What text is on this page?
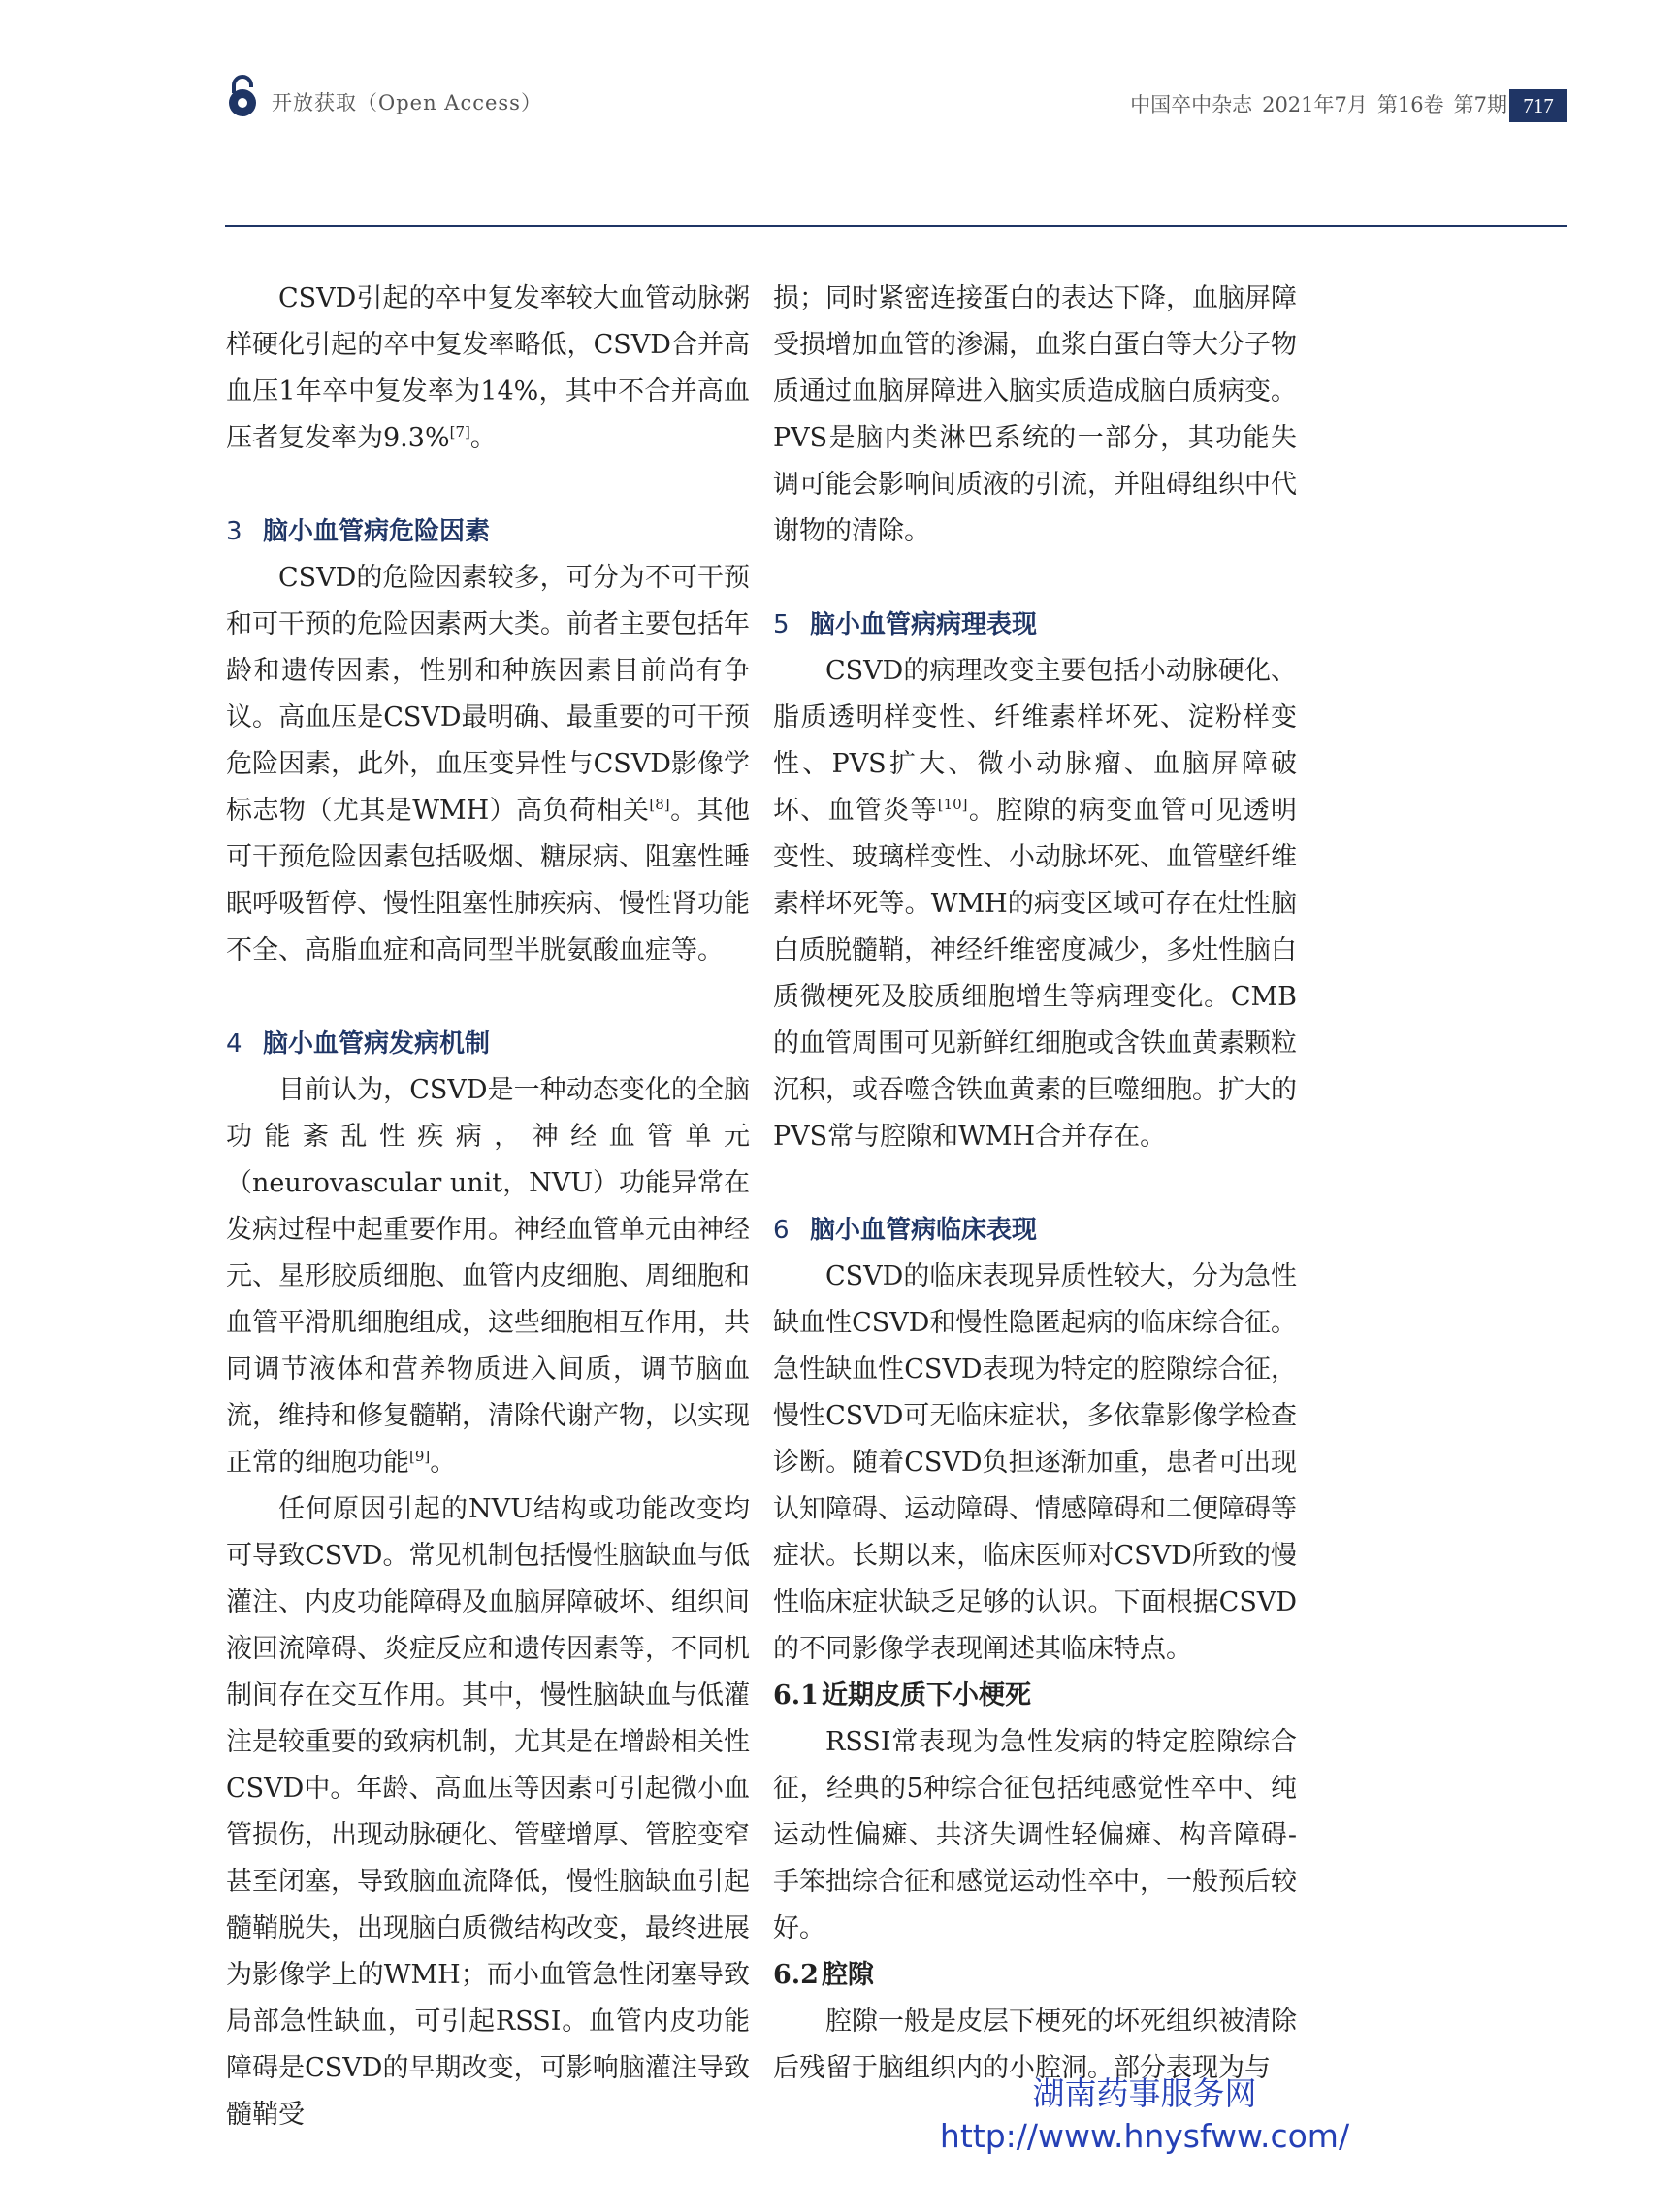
开放获取（Open Access）	中国卒中杂志 2021年7月 第16卷 第7期 717

CSVD引起的卒中复发率较大血管动脉粥样硬化引起的卒中复发率略低，CSVD合并高血压1年卒中复发率为14%，其中不合并高血压者复发率为9.3%[7]。

3 脑小血管病危险因素

CSVD的危险因素较多，可分为不可干预和可干预的危险因素两大类。前者主要包括年龄和遗传因素，性别和种族因素目前尚有争议。高血压是CSVD最明确、最重要的可干预危险因素，此外，血压变异性与CSVD影像学标志物（尤其是WMH）高负荷相关[8]。其他可干预危险因素包括吸烟、糖尿病、阻塞性睡眠呼吸暂停、慢性阻塞性肺疾病、慢性肾功能不全、高脂血症和高同型半胱氨酸血症等。

4 脑小血管病发病机制

目前认为，CSVD是一种动态变化的全脑功能紊乱性疾病，神经血管单元（neurovascular unit，NVU）功能异常在发病过程中起重要作用。神经血管单元由神经元、星形胶质细胞、血管内皮细胞、周细胞和血管平滑肌细胞组成，这些细胞相互作用，共同调节液体和营养物质进入间质，调节脑血流，维持和修复髓鞘，清除代谢产物，以实现正常的细胞功能[9]。

任何原因引起的NVU结构或功能改变均可导致CSVD。常见机制包括慢性脑缺血与低灌注、内皮功能障碍及血脑屏障破坏、组织间液回流障碍、炎症反应和遗传因素等，不同机制间存在交互作用。其中，慢性脑缺血与低灌注是较重要的致病机制，尤其是在增龄相关性CSVD中。年龄、高血压等因素可引起微小血管损伤，出现动脉硬化、管壁增厚、管腔变窄甚至闭塞，导致脑血流降低，慢性脑缺血引起髓鞘脱失，出现脑白质微结构改变，最终进展为影像学上的WMH；而小血管急性闭塞导致局部急性缺血，可引起RSSI。血管内皮功能障碍是CSVD的早期改变，可影响脑灌注导致髓鞘受

损；同时紧密连接蛋白的表达下降，血脑屏障受损增加血管的渗漏，血浆白蛋白等大分子物质通过血脑屏障进入脑实质造成脑白质病变。PVS是脑内类淋巴系统的一部分，其功能失调可能会影响间质液的引流，并阻碍组织中代谢物的清除。

5 脑小血管病病理表现

CSVD的病理改变主要包括小动脉硬化、脂质透明样变性、纤维素样坏死、淀粉样变性、PVS扩大、微小动脉瘤、血脑屏障破坏、血管炎等[10]。腔隙的病变血管可见透明变性、玻璃样变性、小动脉坏死、血管壁纤维素样坏死等。WMH的病变区域可存在灶性脑白质脱髓鞘，神经纤维密度减少，多灶性脑白质微梗死及胶质细胞增生等病理变化。CMB的血管周围可见新鲜红细胞或含铁血黄素颗粒沉积，或吞噬含铁血黄素的巨噬细胞。扩大的PVS常与腔隙和WMH合并存在。

6 脑小血管病临床表现

CSVD的临床表现异质性较大，分为急性缺血性CSVD和慢性隐匿起病的临床综合征。急性缺血性CSVD表现为特定的腔隙综合征，慢性CSVD可无临床症状，多依靠影像学检查诊断。随着CSVD负担逐渐加重，患者可出现认知障碍、运动障碍、情感障碍和二便障碍等症状。长期以来，临床医师对CSVD所致的慢性临床症状缺乏足够的认识。下面根据CSVD的不同影像学表现阐述其临床特点。

6.1 近期皮质下小梗死

RSSI常表现为急性发病的特定腔隙综合征，经典的5种综合征包括纯感觉性卒中、纯运动性偏瘫、共济失调性轻偏瘫、构音障碍-手笨拙综合征和感觉运动性卒中，一般预后较好。

6.2 腔隙

腔隙一般是皮层下梗死的坏死组织被清除后残留于脑组织内的小腔洞。部分表现为与

湖南药事服务网
http://www.hnysfww.com/
